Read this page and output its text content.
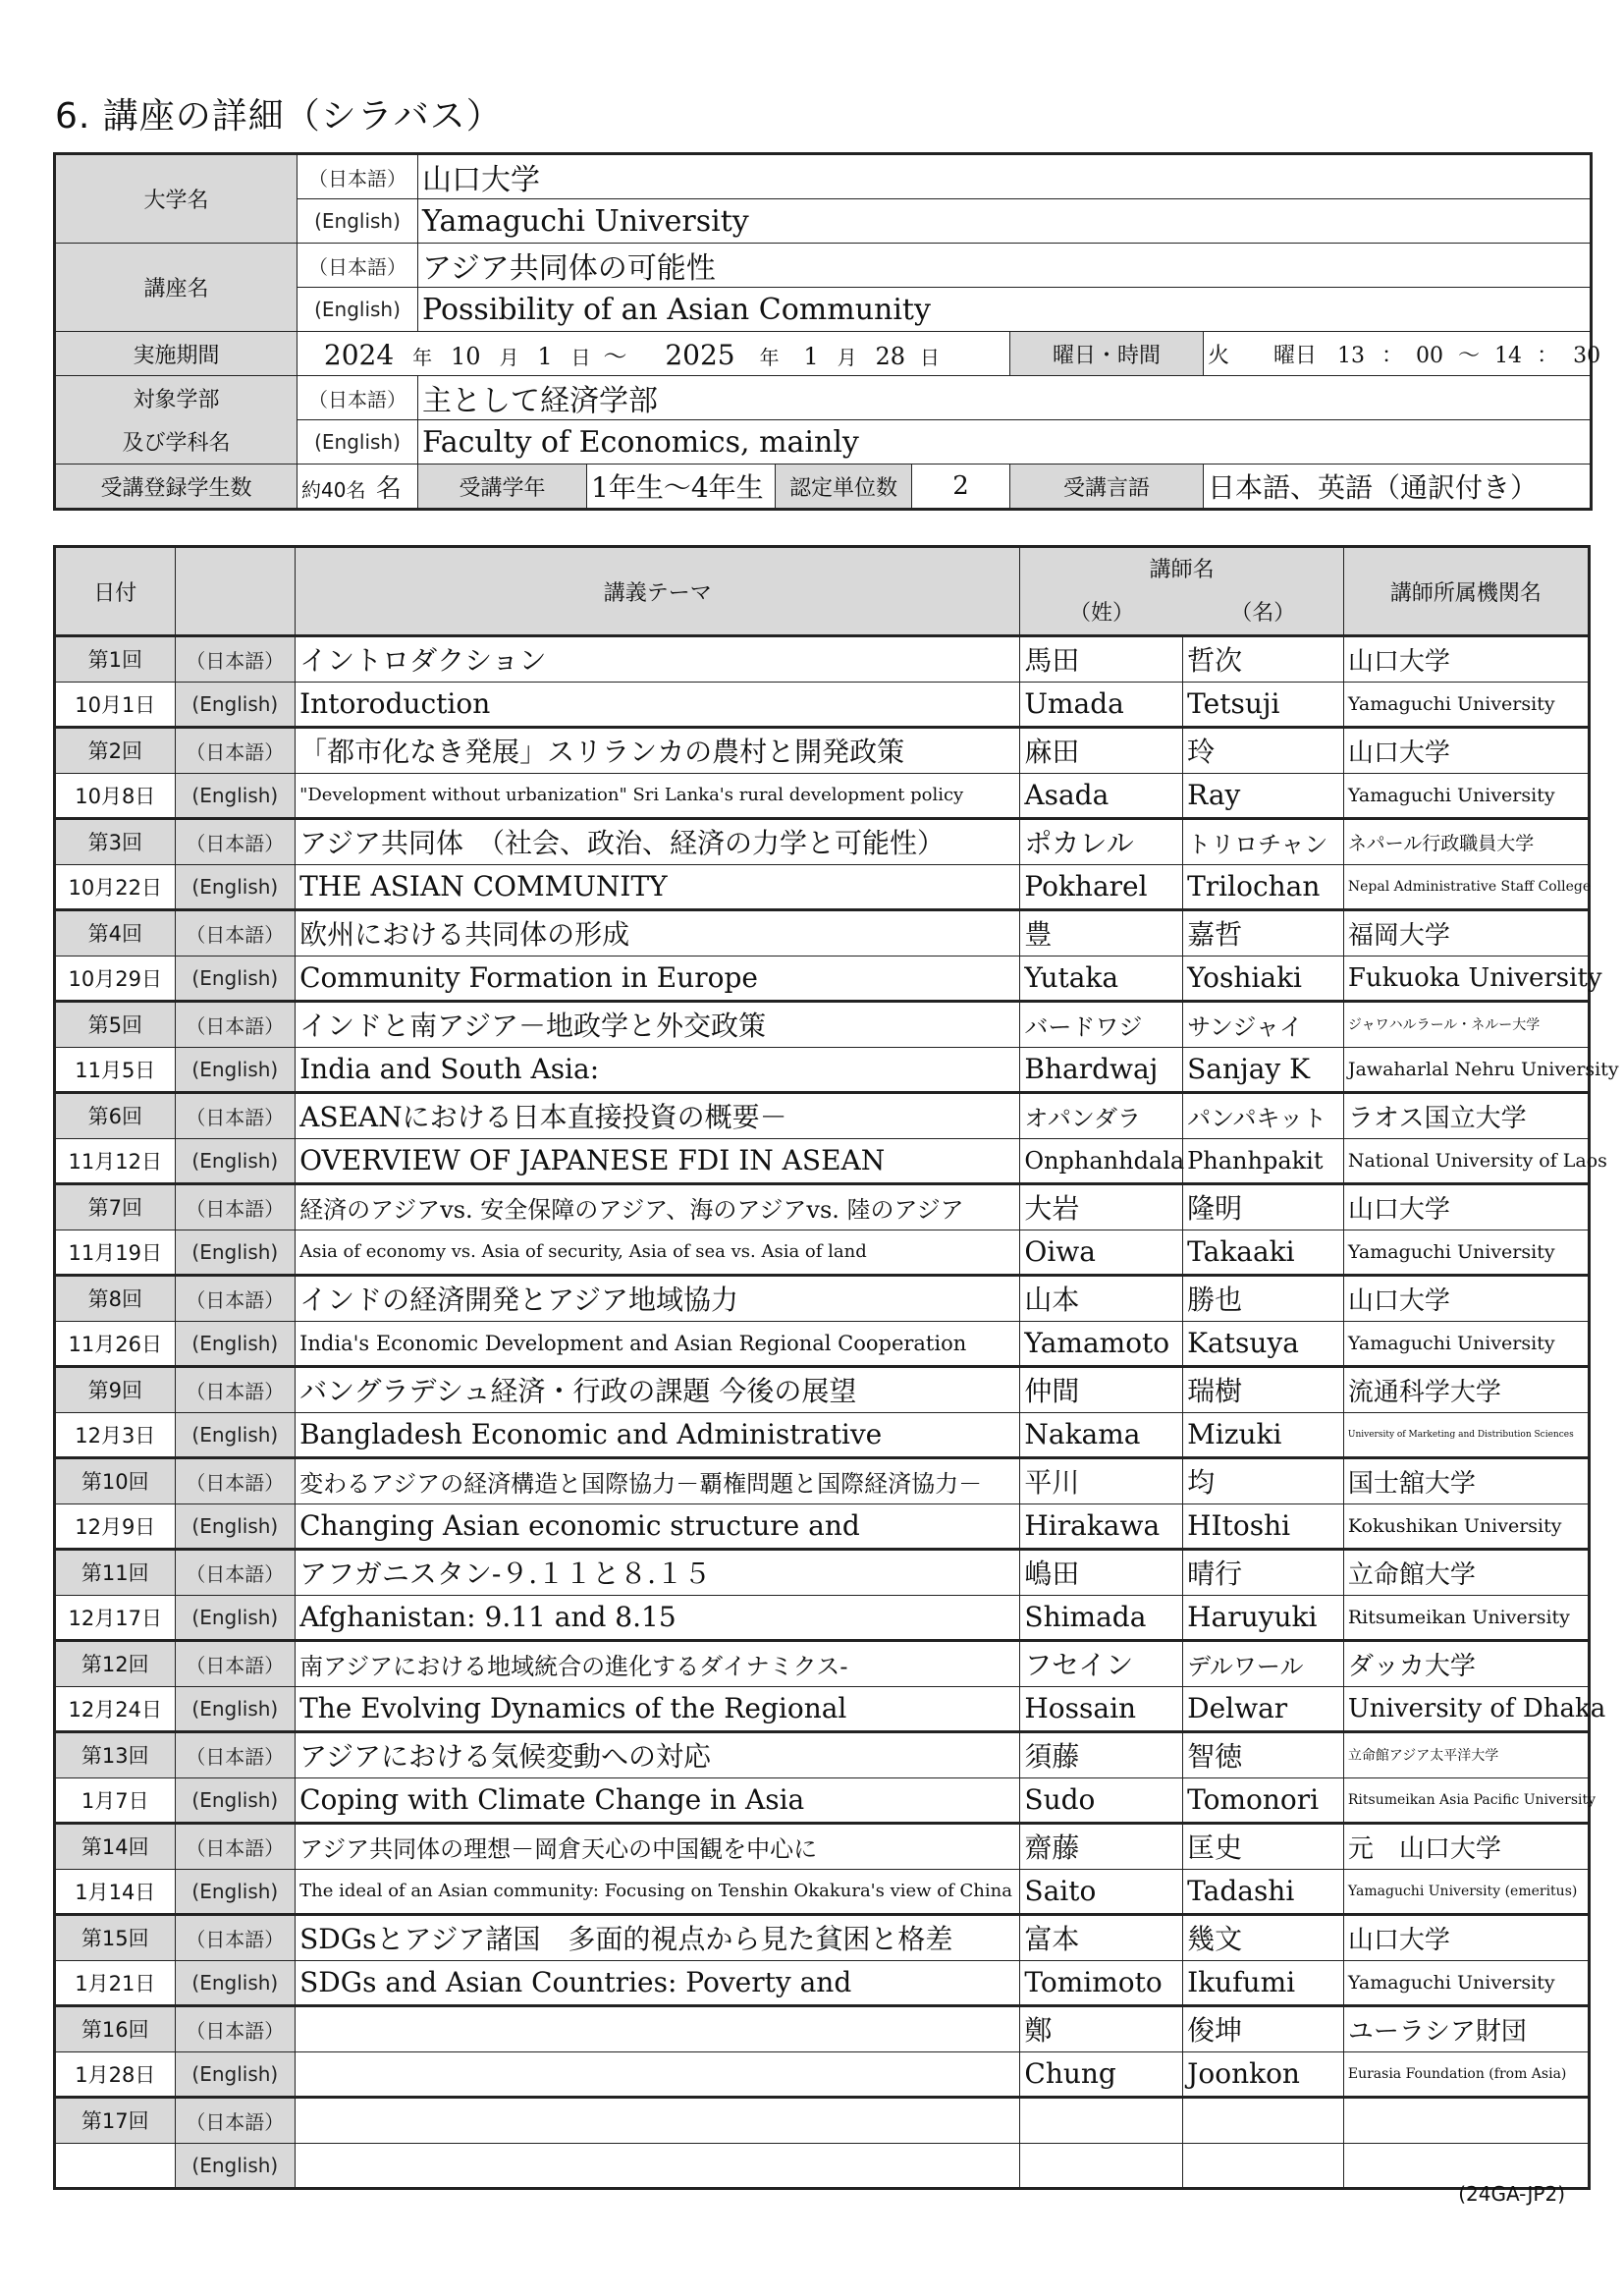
6. 講座の詳細（シラバス）
大学名	（日本語）	山口大学					
	(English)	Yamaguchi University					
講座名	（日本語）	アジア共同体の可能性					
	(English)	Possibility of an Asian Community					
実施期間	2024 年 10 月 1 日 ～ 2025 年 1 月 28 日					曜日・時間	火 曜日 13 ： 00 ～ 14 ： 30
対象学部	（日本語）	主として経済学部					
及び学科名	(English)	Faculty of Economics, mainly					
受講登録学生数	約40名 名	受講学年	1年生～4年生	認定単位数	2	受講言語	日本語、英語（通訳付き）
日付		講義テーマ	講師名		講師所属機関名
			（姓）	（名）	
第1回	（日本語）	イントロダクション	馬田	哲次	山口大学
10月1日	(English)	Intoroduction	Umada	Tetsuji	Yamaguchi University
第2回	（日本語）	「都市化なき発展」スリランカの農村と開発政策	麻田	玲	山口大学
10月8日	(English)	"Development without urbanization" Sri Lanka's rural development policy	Asada	Ray	Yamaguchi University
第3回	（日本語）	アジア共同体　（社会、政治、経済の力学と可能性）	ポカレル	トリロチャン	ネパール行政職員大学
10月22日	(English)	THE ASIAN COMMUNITY	Pokharel	Trilochan	Nepal Administrative Staff College
第4回	（日本語）	欧州における共同体の形成	豊	嘉哲	福岡大学
10月29日	(English)	Community Formation in Europe	Yutaka	Yoshiaki	Fukuoka University
第5回	（日本語）	インドと南アジア－地政学と外交政策	バードワジ	サンジャイ	ジャワハルラール・ネルー大学
11月5日	(English)	India and South Asia:	Bhardwaj	Sanjay K	Jawaharlal Nehru University
第6回	（日本語）	ASEANにおける日本直接投資の概要－	オパンダラ	パンパキット	ラオス国立大学
11月12日	(English)	OVERVIEW OF JAPANESE FDI IN ASEAN	Onphanhdala	Phanhpakit	National University of Laos
第7回	（日本語）	経済のアジアvs. 安全保障のアジア、海のアジアvs. 陸のアジア	大岩	隆明	山口大学
11月19日	(English)	Asia of economy vs. Asia of security, Asia of sea vs. Asia of land	Oiwa	Takaaki	Yamaguchi University
第8回	（日本語）	インドの経済開発とアジア地域協力	山本	勝也	山口大学
11月26日	(English)	India's Economic Development and Asian Regional Cooperation	Yamamoto	Katsuya	Yamaguchi University
第9回	（日本語）	バングラデシュ経済・行政の課題 今後の展望	仲間	瑞樹	流通科学大学
12月3日	(English)	Bangladesh Economic and Administrative	Nakama	Mizuki	University of Marketing and Distribution Sciences
第10回	（日本語）	変わるアジアの経済構造と国際協力－覇権問題と国際経済協力－	平川	均	国士舘大学
12月9日	(English)	Changing Asian economic structure and	Hirakawa	HItoshi	Kokushikan University
第11回	（日本語）	アフガニスタン-９.１１と８.１５	嶋田	晴行	立命館大学
12月17日	(English)	Afghanistan: 9.11 and 8.15	Shimada	Haruyuki	Ritsumeikan University
第12回	（日本語）	南アジアにおける地域統合の進化するダイナミクス-	フセイン	デルワール	ダッカ大学
12月24日	(English)	The Evolving Dynamics of the Regional	Hossain	Delwar	University of Dhaka
第13回	（日本語）	アジアにおける気候変動への対応	須藤	智徳	立命館アジア太平洋大学
1月7日	(English)	Coping with Climate Change in Asia	Sudo	Tomonori	Ritsumeikan Asia Pacific University
第14回	（日本語）	アジア共同体の理想－岡倉天心の中国観を中心に	齋藤	匡史	元　山口大学
1月14日	(English)	The ideal of an Asian community: Focusing on Tenshin Okakura's view of China	Saito	Tadashi	Yamaguchi University (emeritus)
第15回	（日本語）	SDGsとアジア諸国　多面的視点から見た貧困と格差	富本	幾文	山口大学
1月21日	(English)	SDGs and Asian Countries: Poverty and	Tomimoto	Ikufumi	Yamaguchi University
第16回	（日本語）		鄭	俊坤	ユーラシア財団
1月28日	(English)		Chung	Joonkon	Eurasia Foundation (from Asia)
第17回	（日本語）				
	(English)				
(24GA-JP2)
